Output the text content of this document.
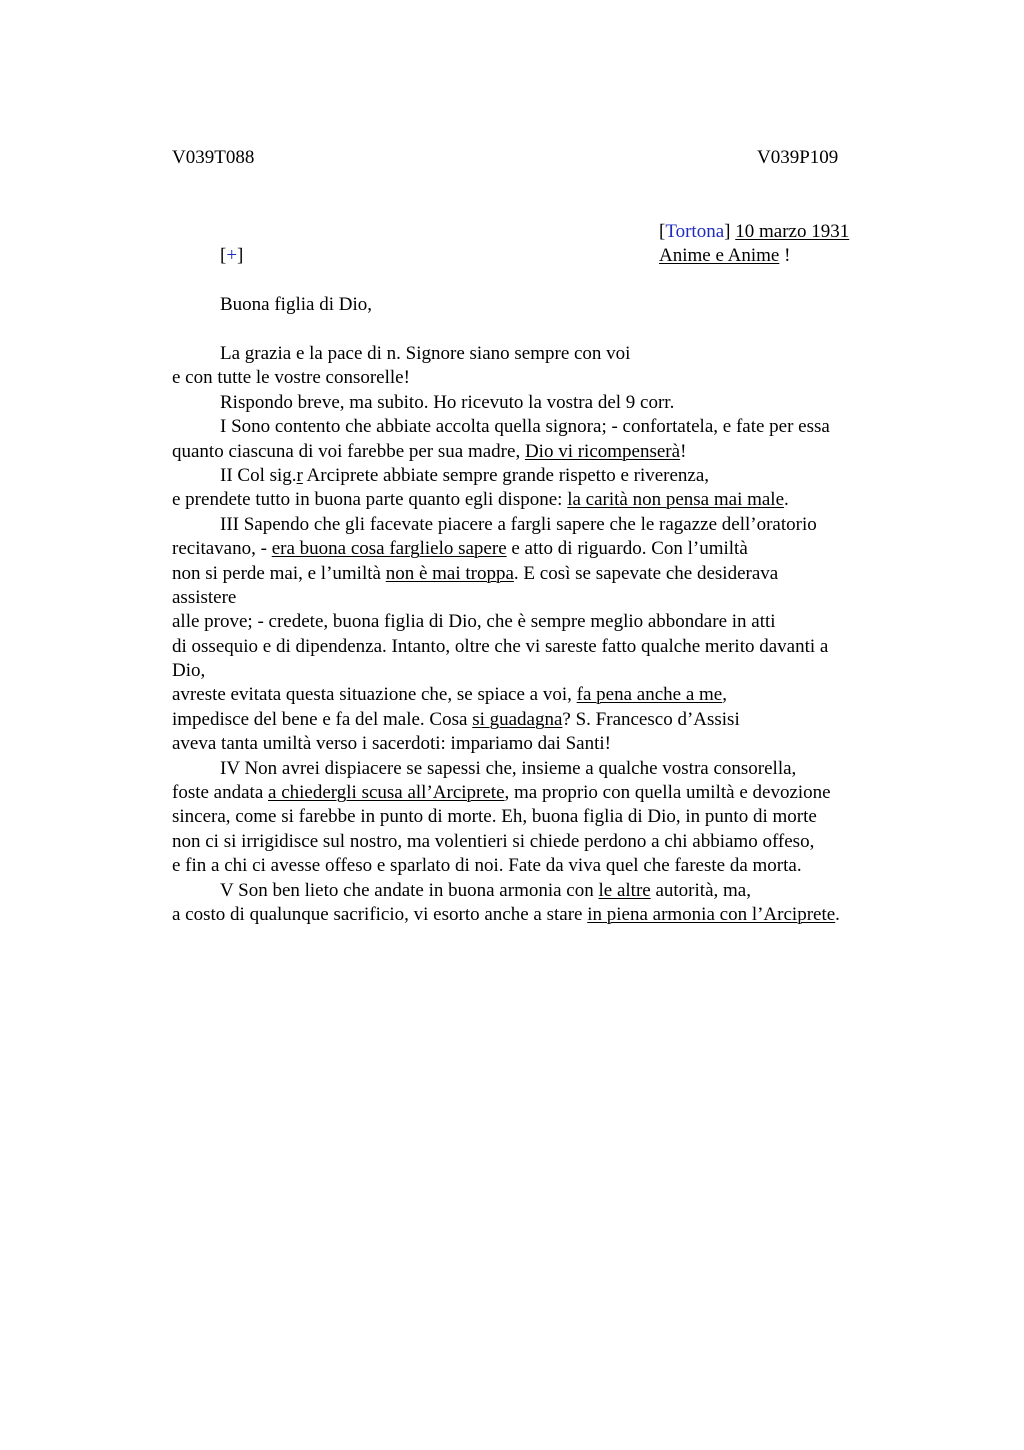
V039T088	V039P109
[Tortona] 10 marzo 1931
[+]	Anime e Anime !
Buona figlia di Dio,
La grazia e la pace di n. Signore siano sempre con voi
e con tutte le vostre consorelle!
Rispondo breve, ma subito. Ho ricevuto la vostra del 9 corr.
I Sono contento che abbiate accolta quella signora; - confortatela, e fate per essa
quanto ciascuna di voi farebbe per sua madre, Dio vi ricompenserà!
II Col sig.r Arciprete abbiate sempre grande rispetto e riverenza,
e prendete tutto in buona parte quanto egli dispone: la carità non pensa mai male.
III Sapendo che gli facevate piacere a fargli sapere che le ragazze dell’oratorio
recitavano, - era buona cosa farglielo sapere e atto di riguardo. Con l’umiltà
non si perde mai, e l’umiltà non è mai troppa. E così se sapevate che desiderava
assistere
alle prove; - credete, buona figlia di Dio, che è sempre meglio abbondare in atti
di ossequio e di dipendenza. Intanto, oltre che vi sareste fatto qualche merito davanti a
Dio,
avreste evitata questa situazione che, se spiace a voi, fa pena anche a me,
impedisce del bene e fa del male. Cosa si guadagna? S. Francesco d’Assisi
aveva tanta umiltà verso i sacerdoti: impariamo dai Santi!
IV Non avrei dispiacere se sapessi che, insieme a qualche vostra consorella,
foste andata a chiedergli scusa all’Arciprete, ma proprio con quella umiltà e devozione
sincera, come si farebbe in punto di morte. Eh, buona figlia di Dio, in punto di morte
non ci si irrigidisce sul nostro, ma volentieri si chiede perdono a chi abbiamo offeso,
e fin a chi ci avesse offeso e sparlato di noi. Fate da viva quel che fareste da morta.
V Son ben lieto che andate in buona armonia con le altre autorità, ma,
a costo di qualunque sacrificio, vi esorto anche a stare in piena armonia con l’Arciprete.
